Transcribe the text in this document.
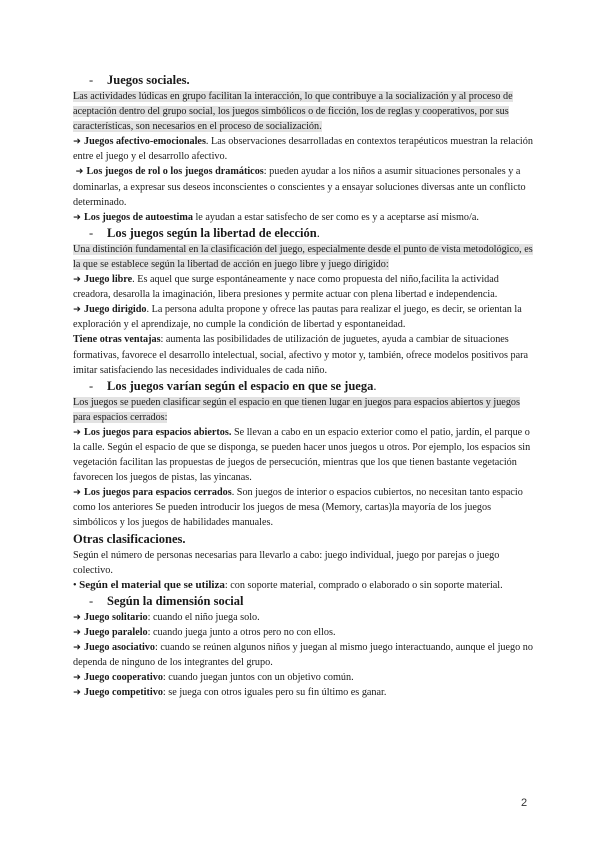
- Juegos sociales.

Las actividades lúdicas en grupo facilitan la interacción, lo que contribuye a la socialización y al proceso de aceptación dentro del grupo social, los juegos simbólicos o de ficción, los de reglas y cooperativos, por sus características, son necesarios en el proceso de socialización.

➜ Juegos afectivo-emocionales. Las observaciones desarrolladas en contextos terapéuticos muestran la relación entre el juego y el desarrollo afectivo.

➜ Los juegos de rol o los juegos dramáticos: pueden ayudar a los niños a asumir situaciones personales y a dominarlas, a expresar sus deseos inconscientes o conscientes y a ensayar soluciones diversas ante un conflicto determinado.

➜ Los juegos de autoestima le ayudan a estar satisfecho de ser como es y a aceptarse así mismo/a.

- Los juegos según la libertad de elección.

Una distinción fundamental en la clasificación del juego, especialmente desde el punto de vista metodológico, es la que se establece según la libertad de acción en juego libre y juego dirigido:

➜ Juego libre. Es aquel que surge espontáneamente y nace como propuesta del niño,facilita la actividad creadora, desarolla la imaginación, libera presiones y permite actuar con plena libertad e independencia.

➜ Juego dirigido. La persona adulta propone y ofrece las pautas para realizar el juego, es decir, se orientan la exploración y el aprendizaje, no cumple la condición de libertad y espontaneidad.

Tiene otras ventajas: aumenta las posibilidades de utilización de juguetes, ayuda a cambiar de situaciones formativas, favorece el desarrollo intelectual, social, afectivo y motor y, también, ofrece modelos positivos para imitar satisfaciendo las necesidades individuales de cada niño.

- Los juegos varían según el espacio en que se juega.

Los juegos se pueden clasificar según el espacio en que tienen lugar en juegos para espacios abiertos y juegos para espacios cerrados:

➜ Los juegos para espacios abiertos. Se llevan a cabo en un espacio exterior como el patio, jardín, el parque o la calle. Según el espacio de que se disponga, se pueden hacer unos juegos u otros. Por ejemplo, los espacios sin vegetación facilitan las propuestas de juegos de persecución, mientras que los que tienen bastante vegetación favorecen los juegos de pistas, las yincanas.

➜ Los juegos para espacios cerrados. Son juegos de interior o espacios cubiertos, no necesitan tanto espacio como los anteriores Se pueden introducir los juegos de mesa (Memory, cartas)la mayoría de los juegos simbólicos y los juegos de habilidades manuales.

Otras clasificaciones.

Según el número de personas necesarias para llevarlo a cabo: juego individual, juego por parejas o juego colectivo.

• Según el material que se utiliza: con soporte material, comprado o elaborado o sin soporte material.

- Según la dimensión social

➜ Juego solitario: cuando el niño juega solo.

➜ Juego paralelo: cuando juega junto a otros pero no con ellos.

➜ Juego asociativo: cuando se reúnen algunos niños y juegan al mismo juego interactuando, aunque el juego no dependa de ninguno de los integrantes del grupo.

➜ Juego cooperativo: cuando juegan juntos con un objetivo común.

➜ Juego competitivo: se juega con otros iguales pero su fin último es ganar.

2
